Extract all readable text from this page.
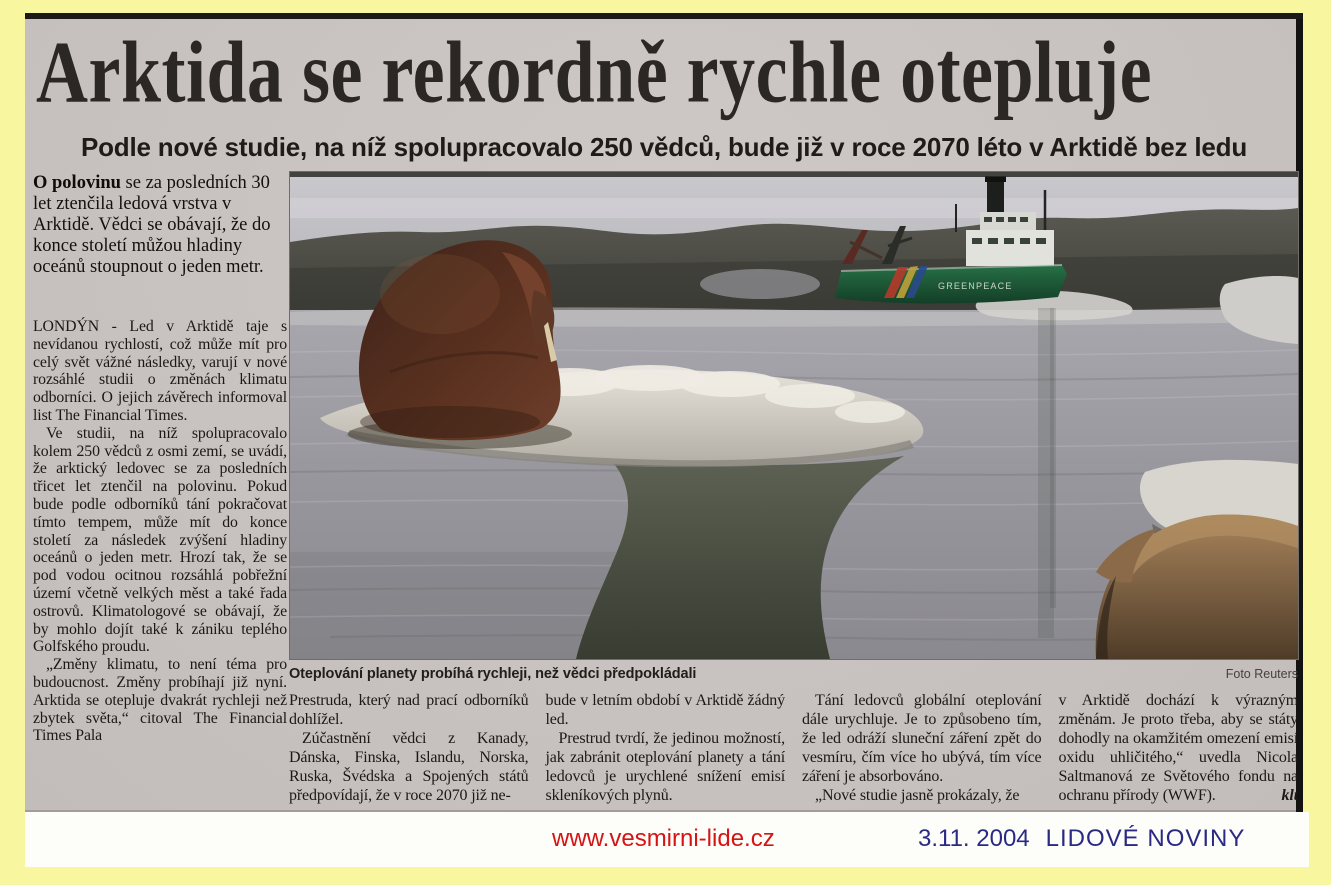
Arktida se rekordně rychle otepluje
Podle nové studie, na níž spolupracovalo 250 vědců, bude již v roce 2070 léto v Arktidě bez ledu

O polovinu se za posledních 30 let ztenčila ledová vrstva v Arktidě. Vědci se obávají, že do konce století můžou hladiny oceánů stoupnout o jeden metr.

LONDÝN - Led v Arktidě taje s nevídanou rychlostí, což může mít pro celý svět vážné následky, varují v nové rozsáhlé studii o změnách klimatu odborníci. O jejich závěrech informoval list The Financial Times.

Ve studii, na níž spolupracovalo kolem 250 vědců z osmi zemí, se uvádí, že arktický ledovec se za posledních třicet let ztenčil na polovinu. Pokud bude podle odborníků tání pokračovat tímto tempem, může mít do konce století za následek zvýšení hladiny oceánů o jeden metr. Hrozí tak, že se pod vodou ocitnou rozsáhlá pobřežní území včetně velkých měst a také řada ostrovů. Klimatologové se obávají, že by mohlo dojít také k zániku teplého Golfského proudu.

„Změny klimatu, to není téma pro budoucnost. Změny probíhají již nyní. Arktida se otepluje dvakrát rychleji než zbytek světa,“ citoval The Financial Times Pala

GREENPEACE
Oteplování planety probíhá rychleji, než vědci předpokládali	Foto Reuters

Prestruda, který nad prací odborníků dohlížel.

Zúčastnění vědci z Kanady, Dánska, Finska, Islandu, Norska, Ruska, Švédska a Spojených států předpovídají, že v roce 2070 již ne-

bude v letním období v Arktidě žádný led.

Prestrud tvrdí, že jedinou možností, jak zabránit oteplování planety a tání ledovců je urychlené snížení emisí skleníkových plynů.

Tání ledovců globální oteplování dále urychluje. Je to způsobeno tím, že led odráží sluneční záření zpět do vesmíru, čím více ho ubývá, tím více záření je absorbováno.

„Nové studie jasně prokázaly, že

v Arktidě dochází k výrazným změnám. Je proto třeba, aby se státy dohodly na okamžitém omezení emisí oxidu uhličitého,“ uvedla Nicola Saltmanová ze Světového fondu na ochranu přírody (WWF).	klt

www.vesmirni-lide.cz	3.11. 2004 LIDOVÉ NOVINY
